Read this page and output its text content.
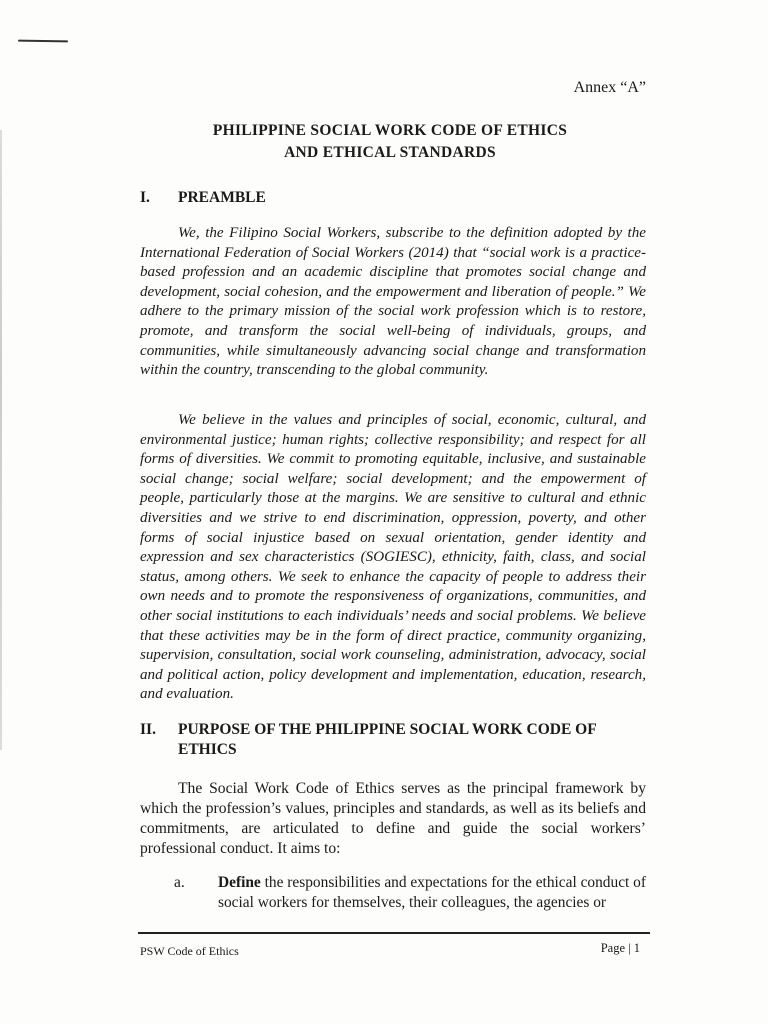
Annex “A”
PHILIPPINE SOCIAL WORK CODE OF ETHICS
AND ETHICAL STANDARDS
I. PREAMBLE

We, the Filipino Social Workers, subscribe to the definition adopted by the International Federation of Social Workers (2014) that “social work is a practice-based profession and an academic discipline that promotes social change and development, social cohesion, and the empowerment and liberation of people.” We adhere to the primary mission of the social work profession which is to restore, promote, and transform the social well-being of individuals, groups, and communities, while simultaneously advancing social change and transformation within the country, transcending to the global community.

We believe in the values and principles of social, economic, cultural, and environmental justice; human rights; collective responsibility; and respect for all forms of diversities. We commit to promoting equitable, inclusive, and sustainable social change; social welfare; social development; and the empowerment of people, particularly those at the margins. We are sensitive to cultural and ethnic diversities and we strive to end discrimination, oppression, poverty, and other forms of social injustice based on sexual orientation, gender identity and expression and sex characteristics (SOGIESC), ethnicity, faith, class, and social status, among others. We seek to enhance the capacity of people to address their own needs and to promote the responsiveness of organizations, communities, and other social institutions to each individuals’ needs and social problems. We believe that these activities may be in the form of direct practice, community organizing, supervision, consultation, social work counseling, administration, advocacy, social and political action, policy development and implementation, education, research, and evaluation.

II. PURPOSE OF THE PHILIPPINE SOCIAL WORK CODE OF ETHICS

The Social Work Code of Ethics serves as the principal framework by which the profession’s values, principles and standards, as well as its beliefs and commitments, are articulated to define and guide the social workers’ professional conduct. It aims to:

a. Define the responsibilities and expectations for the ethical conduct of social workers for themselves, their colleagues, the agencies or
PSW Code of Ethics	Page | 1
